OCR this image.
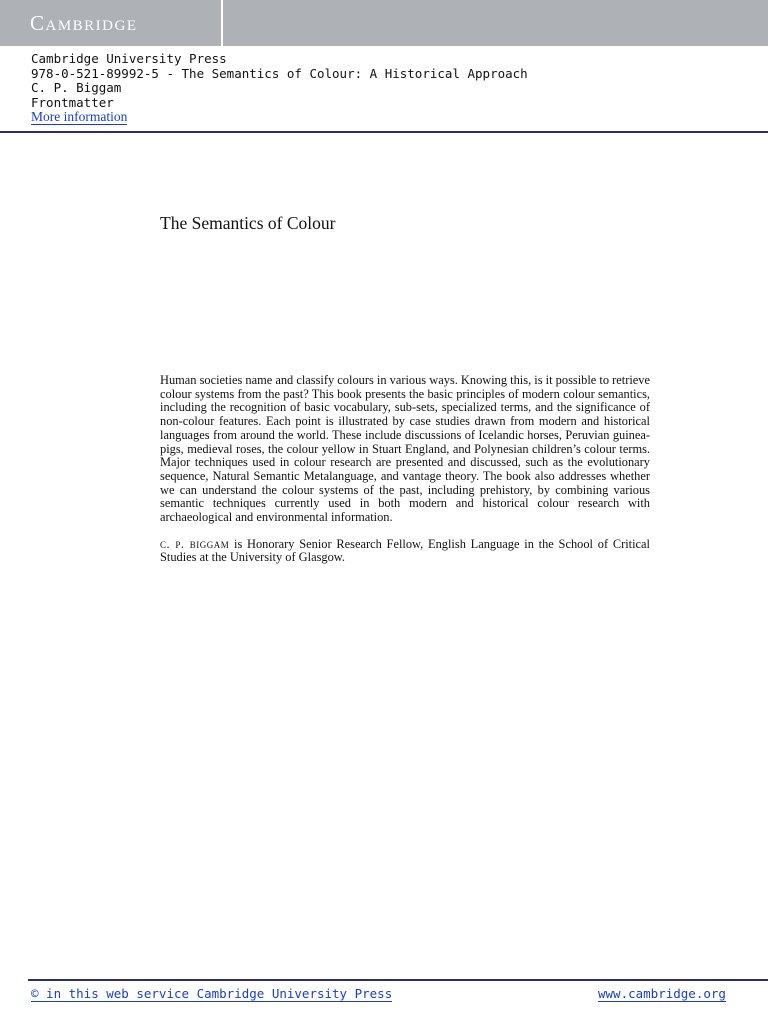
Cambridge
Cambridge University Press
978-0-521-89992-5 - The Semantics of Colour: A Historical Approach
C. P. Biggam
Frontmatter
More information
The Semantics of Colour

Human societies name and classify colours in various ways. Knowing this, is it possible to retrieve colour systems from the past? This book presents the basic principles of modern colour semantics, including the recognition of basic vocabulary, sub-sets, specialized terms, and the significance of non-colour features. Each point is illustrated by case studies drawn from modern and historical languages from around the world. These include discussions of Icelandic horses, Peruvian guinea-pigs, medieval roses, the colour yellow in Stuart England, and Polynesian children’s colour terms. Major techniques used in colour research are presented and discussed, such as the evolutionary sequence, Natural Semantic Metalanguage, and vantage theory. The book also addresses whether we can understand the colour systems of the past, including prehistory, by combining various semantic techniques currently used in both modern and historical colour research with archaeological and environmental information.

c. p. biggam is Honorary Senior Research Fellow, English Language in the School of Critical Studies at the University of Glasgow.

© in this web service Cambridge University Press	www.cambridge.org
